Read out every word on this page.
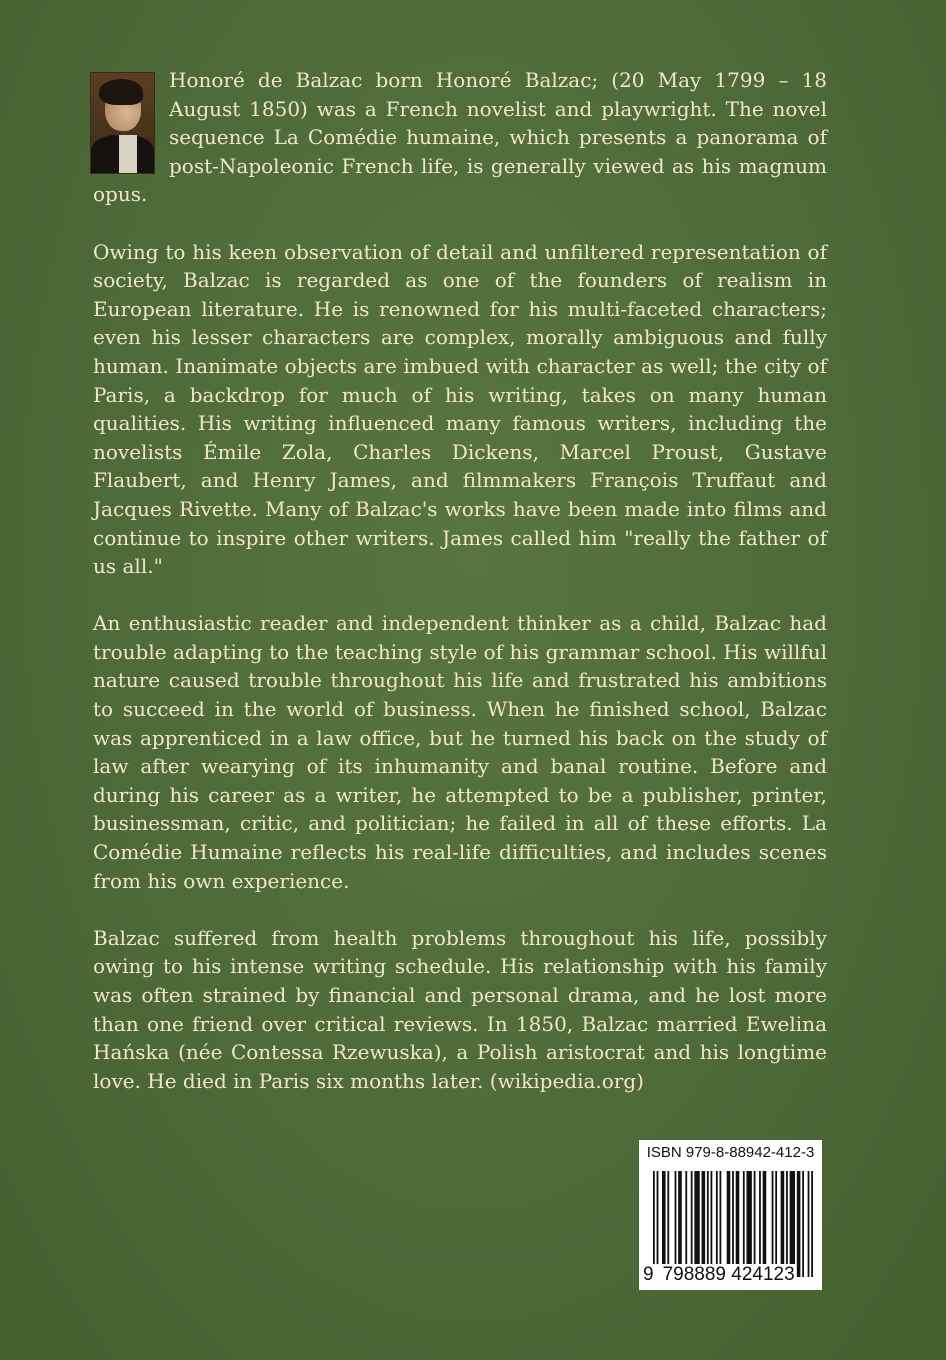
Honoré de Balzac born Honoré Balzac; (20 May 1799 – 18 August 1850) was a French novelist and playwright. The novel sequence La Comédie humaine, which presents a panorama of post-Napoleonic French life, is generally viewed as his magnum opus.

Owing to his keen observation of detail and unfiltered representation of society, Balzac is regarded as one of the founders of realism in European literature. He is renowned for his multi-faceted characters; even his lesser characters are complex, morally ambiguous and fully human. Inanimate objects are imbued with character as well; the city of Paris, a backdrop for much of his writing, takes on many human qualities. His writing influenced many famous writers, including the novelists Émile Zola, Charles Dickens, Marcel Proust, Gustave Flaubert, and Henry James, and filmmakers François Truffaut and Jacques Rivette. Many of Balzac's works have been made into films and continue to inspire other writers. James called him "really the father of us all."

An enthusiastic reader and independent thinker as a child, Balzac had trouble adapting to the teaching style of his grammar school. His willful nature caused trouble throughout his life and frustrated his ambitions to succeed in the world of business. When he finished school, Balzac was apprenticed in a law office, but he turned his back on the study of law after wearying of its inhumanity and banal routine. Before and during his career as a writer, he attempted to be a publisher, printer, businessman, critic, and politician; he failed in all of these efforts. La Comédie Humaine reflects his real-life difficulties, and includes scenes from his own experience.

Balzac suffered from health problems throughout his life, possibly owing to his intense writing schedule. His relationship with his family was often strained by financial and personal drama, and he lost more than one friend over critical reviews. In 1850, Balzac married Ewelina Hańska (née Contessa Rzewuska), a Polish aristocrat and his longtime love. He died in Paris six months later. (wikipedia.org)

ISBN 979-8-88942-412-3
9 798889 424123
